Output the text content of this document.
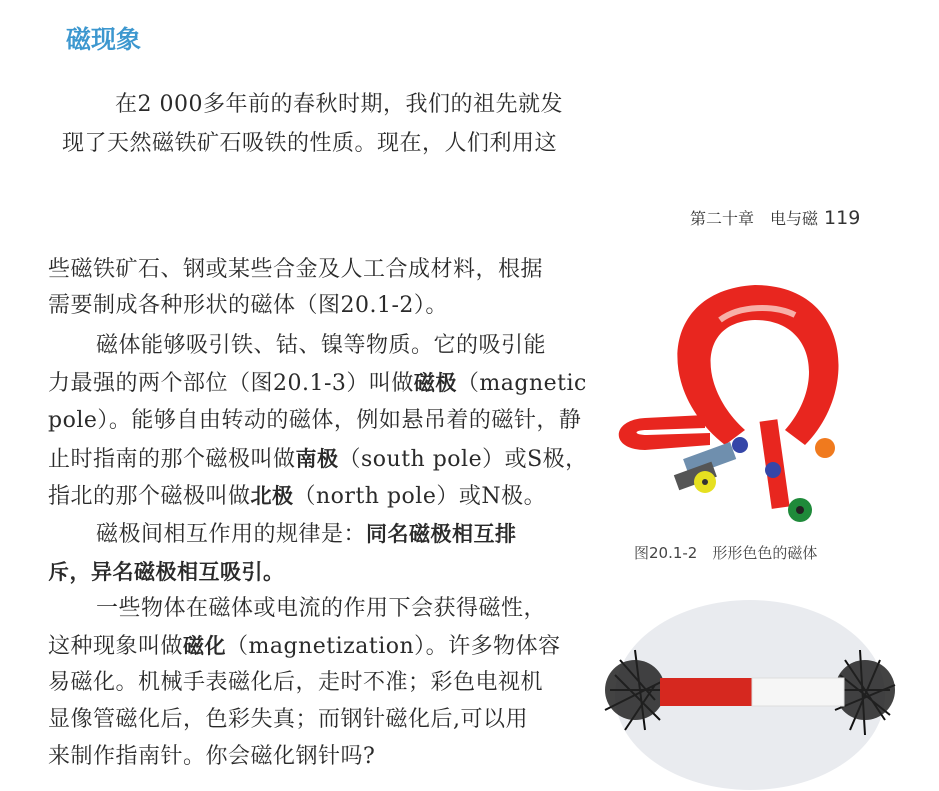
磁现象
在2 000多年前的春秋时期，我们的祖先就发
现了天然磁铁矿石吸铁的性质。现在，人们利用这
第二十章　电与磁 119
些磁铁矿石、钢或某些合金及人工合成材料，根据
需要制成各种形状的磁体（图20.1-2）。
磁体能够吸引铁、钴、镍等物质。它的吸引能
力最强的两个部位（图20.1-3）叫做磁极（magnetic
pole）。能够自由转动的磁体，例如悬吊着的磁针，静
止时指南的那个磁极叫做南极（south pole）或S极，
指北的那个磁极叫做北极（north pole）或N极。
磁极间相互作用的规律是：同名磁极相互排
斥，异名磁极相互吸引。
一些物体在磁体或电流的作用下会获得磁性，
这种现象叫做磁化（magnetization）。许多物体容
易磁化。机械手表磁化后，走时不准；彩色电视机
显像管磁化后，色彩失真；而钢针磁化后,可以用
来制作指南针。你会磁化钢针吗?
图20.1-2　形形色色的磁体
